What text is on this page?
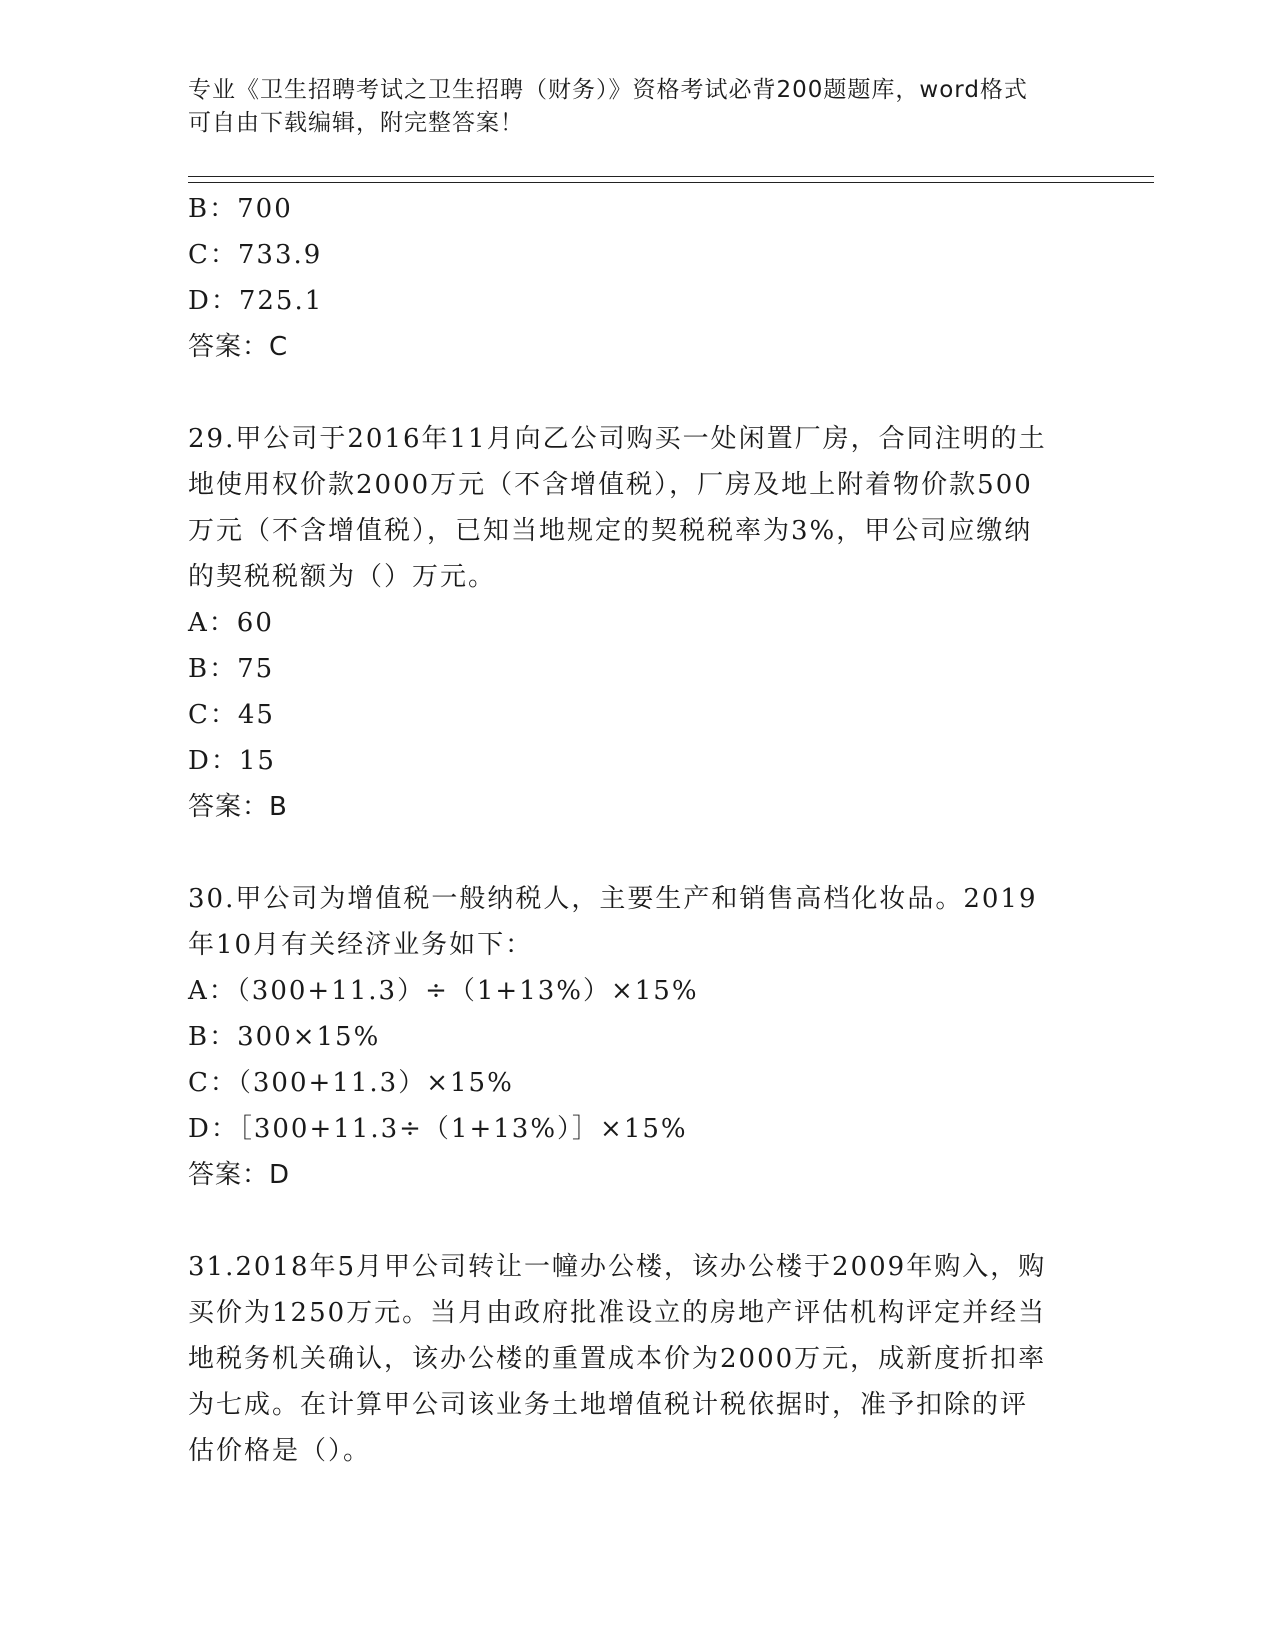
专业《卫生招聘考试之卫生招聘（财务）》资格考试必背200题题库，word格式
可自由下载编辑，附完整答案！
B：700
C：733.9
D：725.1
答案：C
29.甲公司于2016年11月向乙公司购买一处闲置厂房，合同注明的土
地使用权价款2000万元（不含增值税），厂房及地上附着物价款500
万元（不含增值税），已知当地规定的契税税率为3%，甲公司应缴纳
的契税税额为（）万元。
A：60
B：75
C：45
D：15
答案：B
30.甲公司为增值税一般纳税人，主要生产和销售高档化妆品。2019
年10月有关经济业务如下：
A：（300+11.3）÷（1+13%）×15%
B：300×15%
C：（300+11.3）×15%
D：［300+11.3÷（1+13%）］×15%
答案：D
31.2018年5月甲公司转让一幢办公楼，该办公楼于2009年购入，购
买价为1250万元。当月由政府批准设立的房地产评估机构评定并经当
地税务机关确认，该办公楼的重置成本价为2000万元，成新度折扣率
为七成。在计算甲公司该业务土地增值税计税依据时，准予扣除的评
估价格是（）。
